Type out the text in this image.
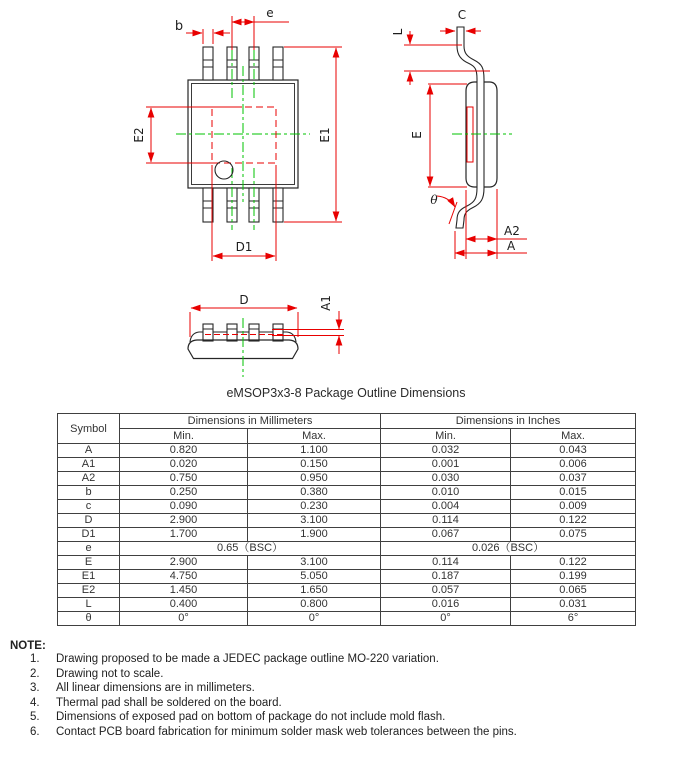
b
e
E1
E2
D1
L
C
E
θ
A2
A
D	A1
eMSOP3x3-8 Package Outline Dimensions
Symbol	Dimensions in Millimeters		Dimensions in Inches	
	Min.	Max.	Min.	Max.
A	0.820	1.100	0.032	0.043
A1	0.020	0.150	0.001	0.006
A2	0.750	0.950	0.030	0.037
b	0.250	0.380	0.010	0.015
c	0.090	0.230	0.004	0.009
D	2.900	3.100	0.114	0.122
D1	1.700	1.900	0.067	0.075
e	0.65（BSC）		0.026（BSC）	
E	2.900	3.100	0.114	0.122
E1	4.750	5.050	0.187	0.199
E2	1.450	1.650	0.057	0.065
L	0.400	0.800	0.016	0.031
θ	0°	0°	0°	6°
NOTE:
1.	Drawing proposed to be made a JEDEC package outline MO-220 variation.
2.	Drawing not to scale.
3.	All linear dimensions are in millimeters.
4.	Thermal pad shall be soldered on the board.
5.	Dimensions of exposed pad on bottom of package do not include mold flash.
6.	Contact PCB board fabrication for minimum solder mask web tolerances between the pins.
